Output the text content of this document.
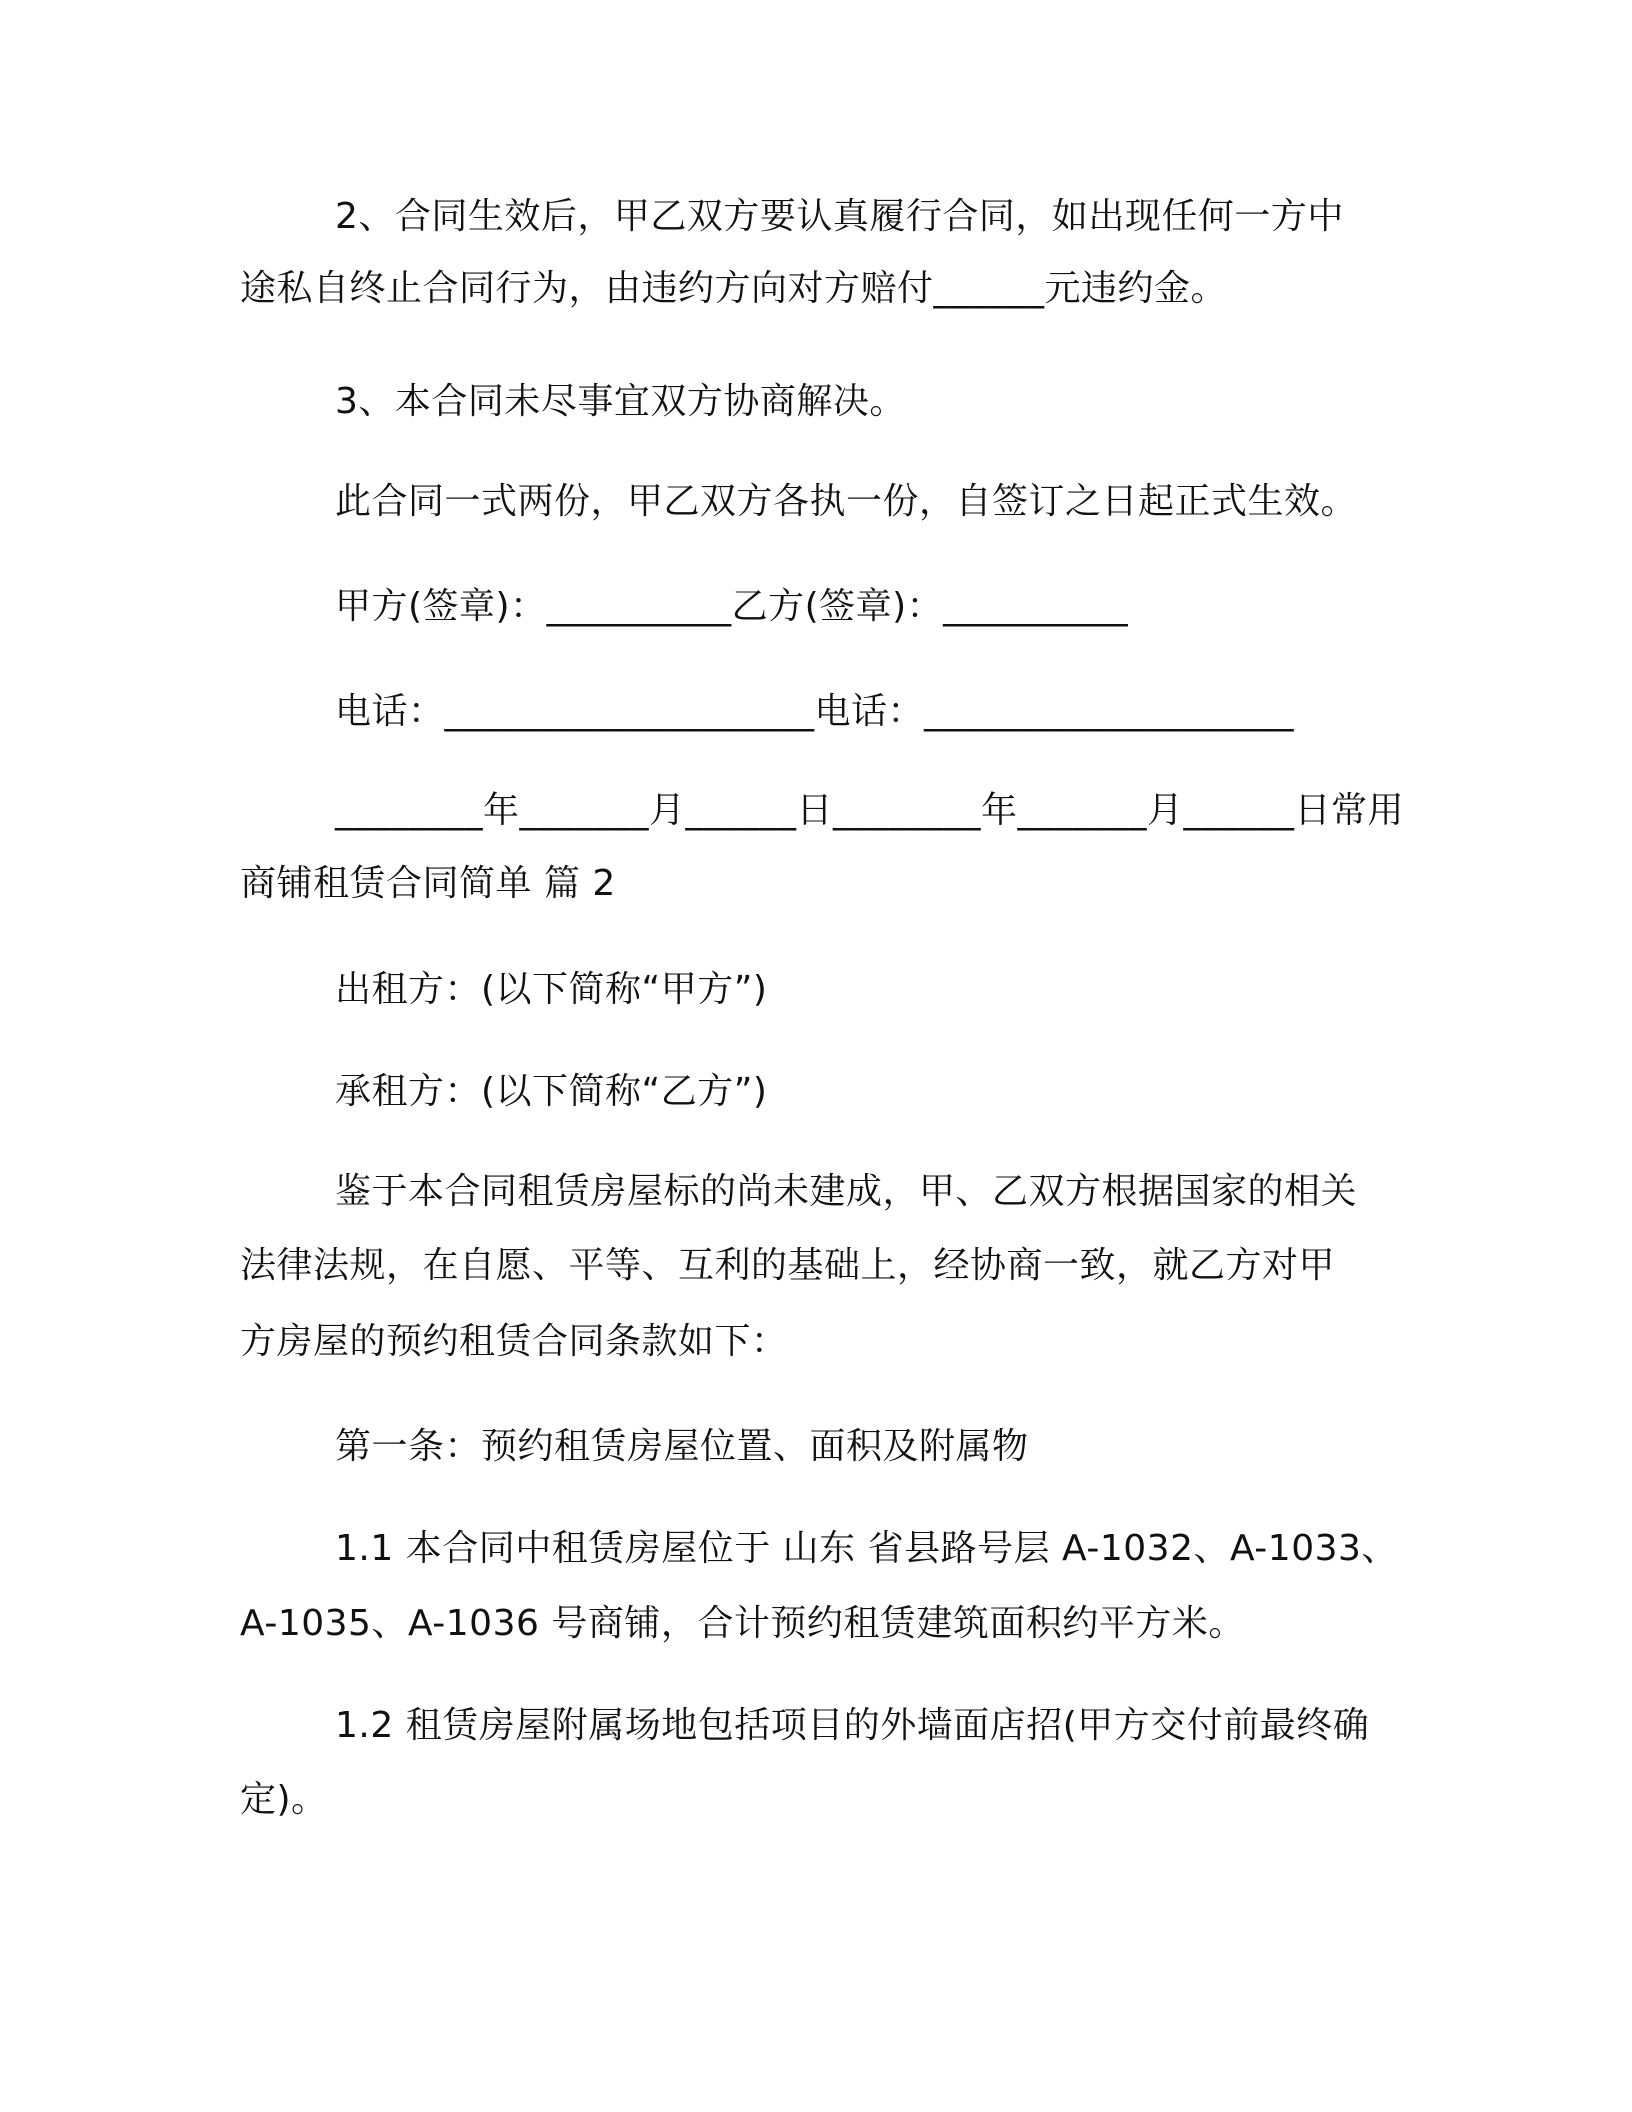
2、合同生效后，甲乙双方要认真履行合同，如出现任何一方中
途私自终止合同行为，由违约方向对方赔付______元违约金。
3、本合同未尽事宜双方协商解决。
此合同一式两份，甲乙双方各执一份，自签订之日起正式生效。
甲方(签章)：__________乙方(签章)：__________
电话：____________________电话：____________________
________年_______月______日________年_______月______日常用
商铺租赁合同简单 篇 2
出租方：(以下简称“甲方”)
承租方：(以下简称“乙方”)
鉴于本合同租赁房屋标的尚未建成，甲、乙双方根据国家的相关
法律法规，在自愿、平等、互利的基础上，经协商一致，就乙方对甲
方房屋的预约租赁合同条款如下：
第一条：预约租赁房屋位置、面积及附属物
1.1 本合同中租赁房屋位于 山东 省县路号层 A-1032、A-1033、
A-1035、A-1036 号商铺，合计预约租赁建筑面积约平方米。
1.2 租赁房屋附属场地包括项目的外墙面店招(甲方交付前最终确
定)。
